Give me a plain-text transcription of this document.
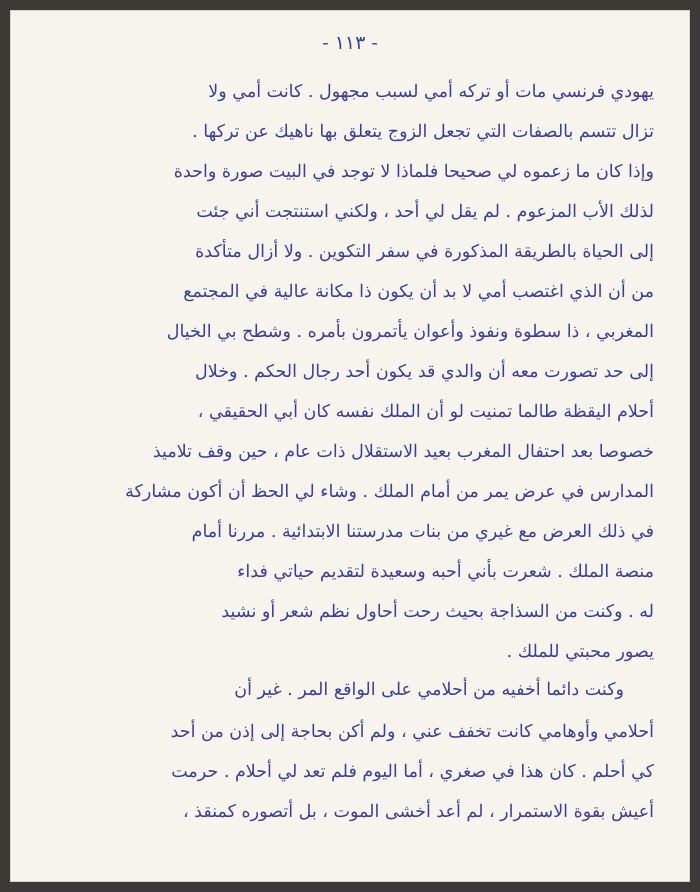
- ١١٣ -
يهودي فرنسي مات أو تركه أمي لسبب مجهول . كانت أمي ولا
تزال تتسم بالصفات التي تجعل الزوج يتعلق بها ناهيك عن تركها .
وإذا كان ما زعموه لي صحيحا فلماذا لا توجد في البيت صورة واحدة
لذلك الأب المزعوم . لم يقل لي أحد ، ولكني استنتجت أني جئت
إلى الحياة بالطريقة المذكورة في سفر التكوين . ولا أزال متأكدة
من أن الذي اغتصب أمي لا بد أن يكون ذا مكانة عالية في المجتمع
المغربي ، ذا سطوة ونفوذ وأعوان يأتمرون بأمره . وشطح بي الخيال
إلى حد تصورت معه أن والدي قد يكون أحد رجال الحكم . وخلال
أحلام اليقظة طالما تمنيت لو أن الملك نفسه كان أبي الحقيقي ،
خصوصا بعد احتفال المغرب بعيد الاستقلال ذات عام ، حين وقف تلاميذ
المدارس في عرض يمر من أمام الملك . وشاء لي الحظ أن أكون مشاركة
في ذلك العرض مع غيري من بنات مدرستنا الابتدائية . مررنا أمام
منصة الملك . شعرت بأني أحبه وسعيدة لتقديم حياتي فداء
له . وكنت من السذاجة بحيث رحت أحاول نظم شعر أو نشيد
يصور محبتي للملك .
وكنت دائما أخفيه من أحلامي على الواقع المر . غير أن
أحلامي وأوهامي كانت تخفف عني ، ولم أكن بحاجة إلى إذن من أحد
كي أحلم . كان هذا في صغري ، أما اليوم فلم تعد لي أحلام . حرمت
أعيش بقوة الاستمرار ، لم أعد أخشى الموت ، بل أتصوره كمنقذ ،
